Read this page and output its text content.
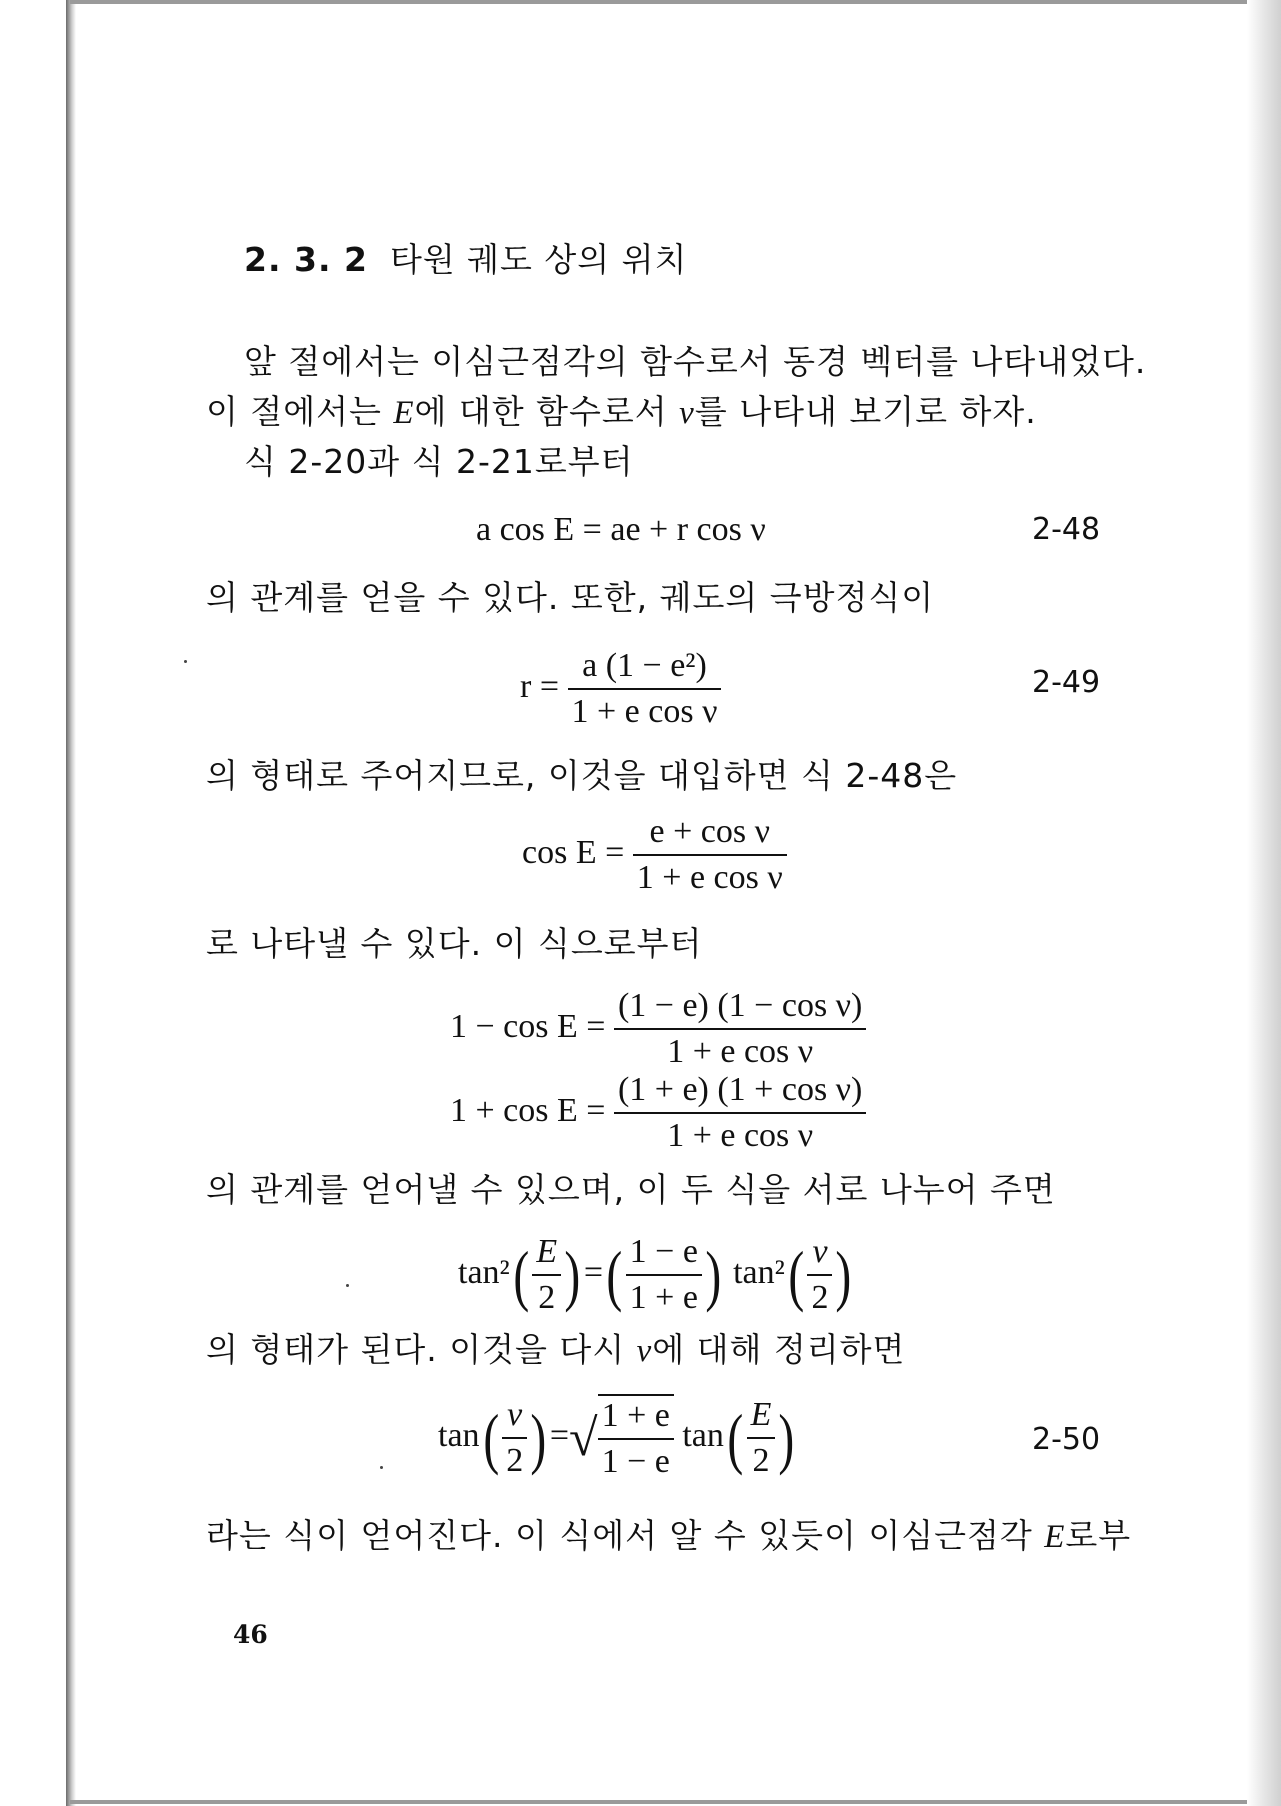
2. 3. 2 타원 궤도 상의 위치
앞 절에서는 이심근점각의 함수로서 동경 벡터를 나타내었다.
이 절에서는 E에 대한 함수로서 ν를 나타내 보기로 하자.
식 2-20과 식 2-21로부터
a cos E = ae + r cos ν	2-48
의 관계를 얻을 수 있다. 또한, 궤도의 극방정식이
$r = \frac{\text{a (1 − e²)}}{\text{1 + e cos ν}}$	2-49
의 형태로 주어지므로, 이것을 대입하면 식 2-48은
$\cos E = \frac{\text{e + cos ν}}{\text{1 + e cos ν}}$
로 나타낼 수 있다. 이 식으로부터
$1 - \cos E = \frac{\text{(1 − e) (1 − cos ν)}}{\text{1 + e cos ν}}$
$1 + \cos E = \frac{\text{(1 + e) (1 + cos ν)}}{\text{1 + e cos ν}}$
의 관계를 얻어낼 수 있으며, 이 두 식을 서로 나누어 주면
$\tan^2( \frac{E}{2}$ )=( $\frac{1 - e}{1 + e}$ ) $\tan^2( \frac{\nu}{2}$ )
의 형태가 된다. 이것을 다시 ν에 대해 정리하면
$\tan( \frac{\nu}{2}$ )=√ $\frac{1 + e}{1 - e} \tan( \frac{E}{2}$ )	2-50
라는 식이 얻어진다. 이 식에서 알 수 있듯이 이심근점각 E로부
46
